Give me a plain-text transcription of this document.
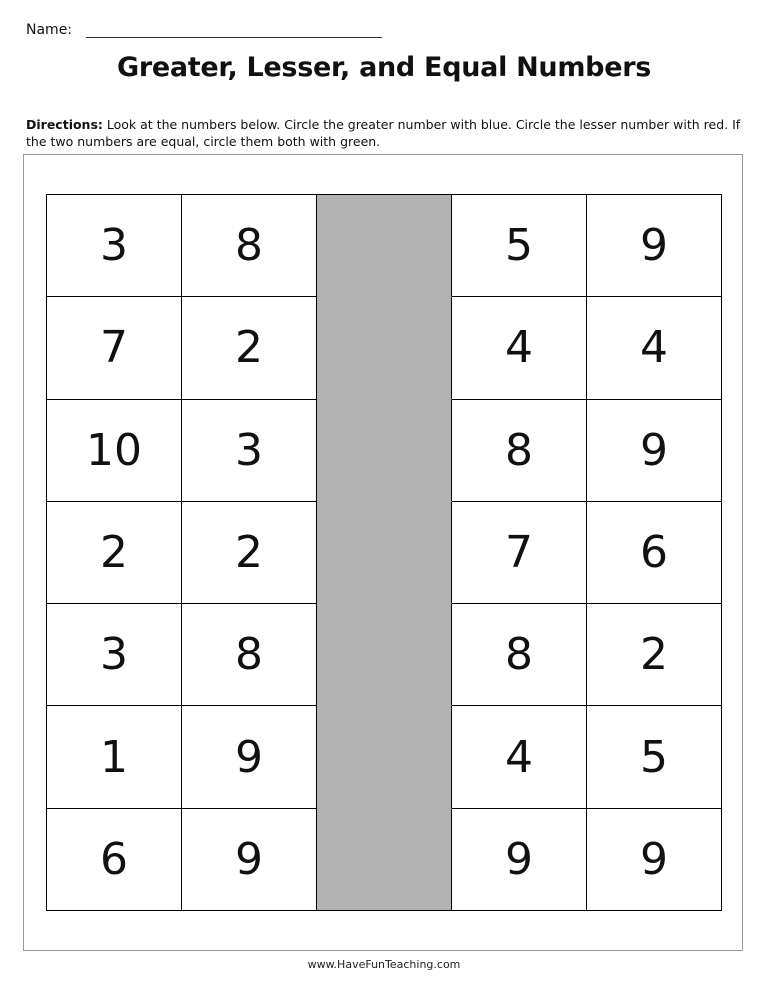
Name:
Greater, Lesser, and Equal Numbers
Directions: Look at the numbers below. Circle the greater number with blue. Circle the lesser number with red. If the two numbers are equal, circle them both with green.
3	8	5	9
7	2	4	4
10	3	8	9
2	2	7	6
3	8	8	2
1	9	4	5
6	9	9	9
www.HaveFunTeaching.com
